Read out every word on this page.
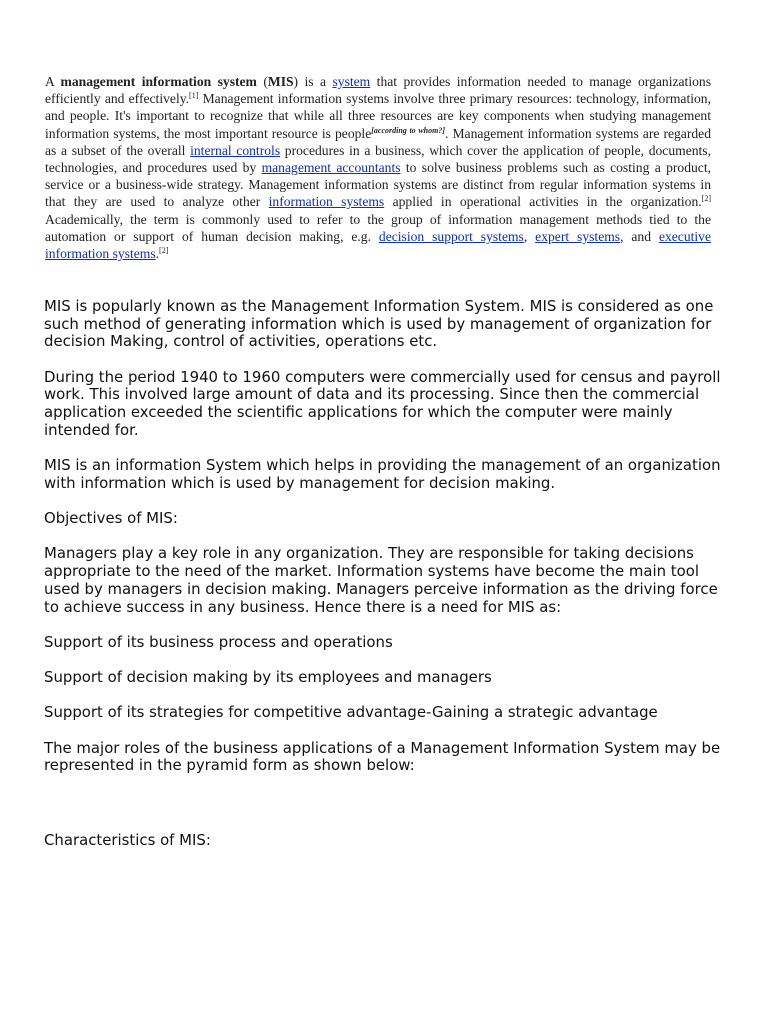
A management information system (MIS) is a system that provides information needed to manage organizations efficiently and effectively.[1] Management information systems involve three primary resources: technology, information, and people. It's important to recognize that while all three resources are key components when studying management information systems, the most important resource is people[according to whom?]. Management information systems are regarded as a subset of the overall internal controls procedures in a business, which cover the application of people, documents, technologies, and procedures used by management accountants to solve business problems such as costing a product, service or a business-wide strategy. Management information systems are distinct from regular information systems in that they are used to analyze other information systems applied in operational activities in the organization.[2] Academically, the term is commonly used to refer to the group of information management methods tied to the automation or support of human decision making, e.g. decision support systems, expert systems, and executive information systems.[2]

MIS is popularly known as the Management Information System. MIS is considered as one such method of generating information which is used by management of organization for decision Making, control of activities, operations etc.

During the period 1940 to 1960 computers were commercially used for census and payroll work. This involved large amount of data and its processing. Since then the commercial application exceeded the scientific applications for which the computer were mainly intended for.

MIS is an information System which helps in providing the management of an organization with information which is used by management for decision making.

Objectives of MIS:

Managers play a key role in any organization. They are responsible for taking decisions appropriate to the need of the market. Information systems have become the main tool used by managers in decision making. Managers perceive information as the driving force to achieve success in any business. Hence there is a need for MIS as:

Support of its business process and operations

Support of decision making by its employees and managers

Support of its strategies for competitive advantage-Gaining a strategic advantage

The major roles of the business applications of a Management Information System may be represented in the pyramid form as shown below:

Characteristics of MIS:
